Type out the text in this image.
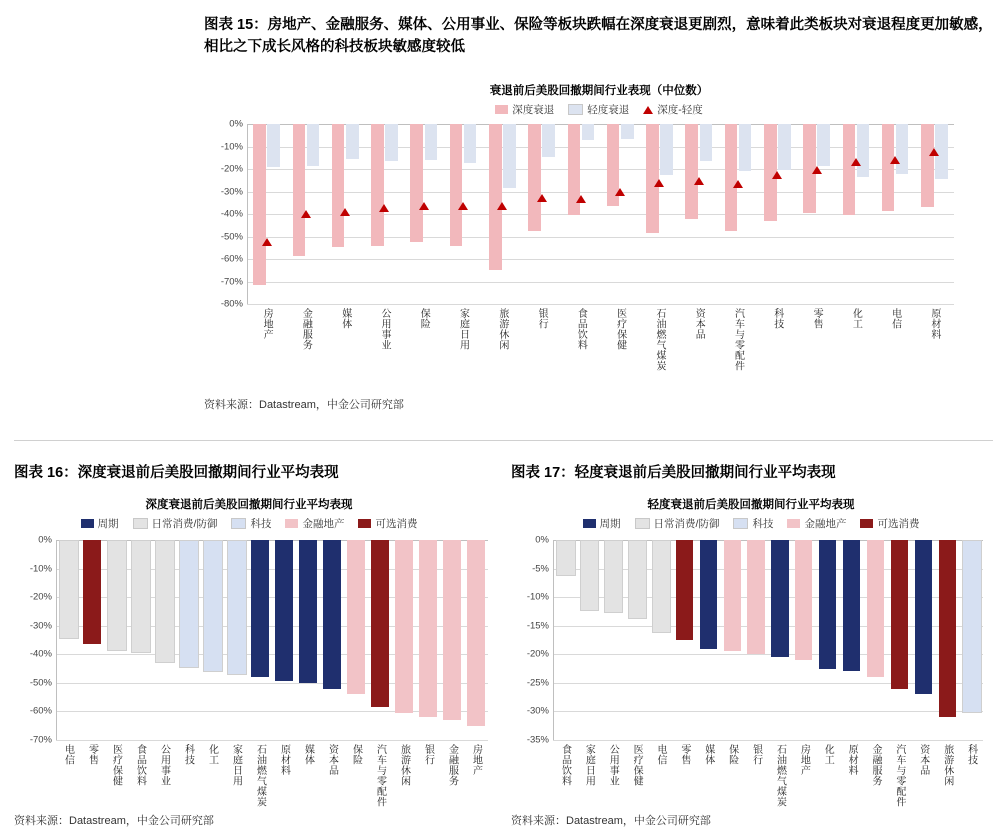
图表 15：房地产、金融服务、媒体、公用事业、保险等板块跌幅在深度衰退更剧烈，意味着此类板块对衰退程度更加敏感，相比之下成长风格的科技板块敏感度较低
衰退前后美股回撤期间行业表现（中位数）
深度衰退	轻度衰退	深度-轻度
0%
-10%
-20%
-30%
-40%
-50%
-60%
-70%
-80%
房地产	金融服务	媒体	公用事业	保险	家庭日用	旅游休闲	银行	食品饮料	医疗保健	石油燃气煤炭	资本品	汽车与零配件	科技	零售	化工	电信	原材料
资料来源：Datastream，中金公司研究部
图表 16：深度衰退前后美股回撤期间行业平均表现
深度衰退前后美股回撤期间行业平均表现
周期	日常消费/防御	科技	金融地产	可选消费
0%
-10%
-20%
-30%
-40%
-50%
-60%
-70%
电信 零售 医疗保健 食品饮料 公用事业 科技 化工 家庭日用 石油燃气煤炭 原材料 媒体 资本品 保险 汽车与零配件 旅游休闲 银行 金融服务 房地产
资料来源：Datastream，中金公司研究部
图表 17：轻度衰退前后美股回撤期间行业平均表现
轻度衰退前后美股回撤期间行业平均表现
周期	日常消费/防御	科技	金融地产	可选消费
0%
-5%
-10%
-15%
-20%
-25%
-30%
-35%
食品饮料 家庭日用 公用事业 医疗保健 电信 零售 媒体 保险 银行 石油燃气煤炭 房地产 化工 原材料 金融服务 汽车与零配件 资本品 旅游休闲 科技
资料来源：Datastream，中金公司研究部
